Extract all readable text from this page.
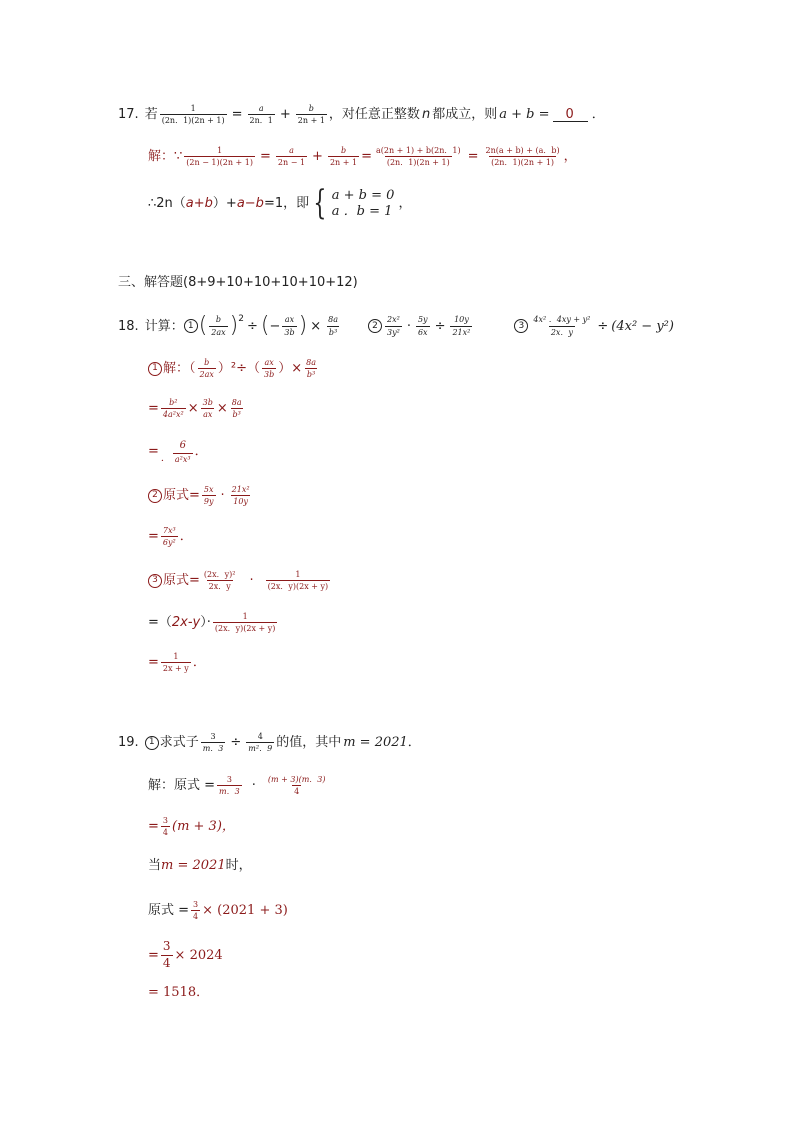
17. 若 $\frac{1}{(2n.1)(2n + 1)} = \frac{a}{2n.1} + \frac{b}{2n + 1}$ ，对任意正整数 n 都成立，则 a + b =	0	．
解：∵ $\frac{1}{(2n - 1)(2n + 1)} = \frac{a}{2n - 1} + \frac{b}{2n + 1} = \frac{a(2n + 1) + b(2n.1)}{(2n.1)(2n + 1)} = \frac{2n(a + b) + (a.b)}{(2n.1)(2n + 1)}$ ，
∴2n（ a+b ）+ a−b =1，即 { a + b = 0
a ．b = 1
，
三、解答题(8+9+10+10+10+10+12)
18. 计算： 1 ( $\frac{b}{2ax}$ ) 2 ÷ ( − $\frac{ax}{3b}$ ) × $\frac{8a}{\text{b³}}$	$2 \frac{\text{2x²}}{\text{3y²}} \cdot \frac{5y}{6x} \div \frac{10y}{\text{21x²}}$	$3 \frac{\text{4x² ．4xy + y²}}{2x.y} \div (4x^2 - y^2)$
1 解：（ $\frac{b}{2ax} )^2\div( \frac{ax}{3b}$ ）× $\frac{8a}{\text{b³}}$
= $\frac{\text{b²}}{\text{4a²x²}} \times \frac{3b}{ax} \times \frac{8a}{\text{b³}}$
= ． $\frac{6}{\text{a²x³}}$ ．
2 原式= $\frac{5x}{9y} \cdot \frac{\text{21x²}}{10y}$
= $\frac{\text{7x³}}{\text{6y²}}$ ．
3 原式= $\frac{\text{(2x．y)²}}{2x.y} \cdot \frac{1}{(2x.y)(2x + y)}$
=（ 2x-y ）· $\frac{1}{(2x.y)(2x + y)}$
= $\frac{1}{2x + y}$ ．
19.	1 求式子 $\frac{3}{m.3} \div \frac{4}{\text{m²．9}}$ 的值，其中 m = 2021 ．
解：原式 = $\frac{3}{m.3} \cdot \frac{(m + 3)(m.3)}{4}$
= $\frac{3}{4} (m + 3)$，
当 m = 2021 时，
原式 = $\frac{3}{4} \times (2021 + 3)$
= $\frac{3}{4} \times 2024$
= 1518．
